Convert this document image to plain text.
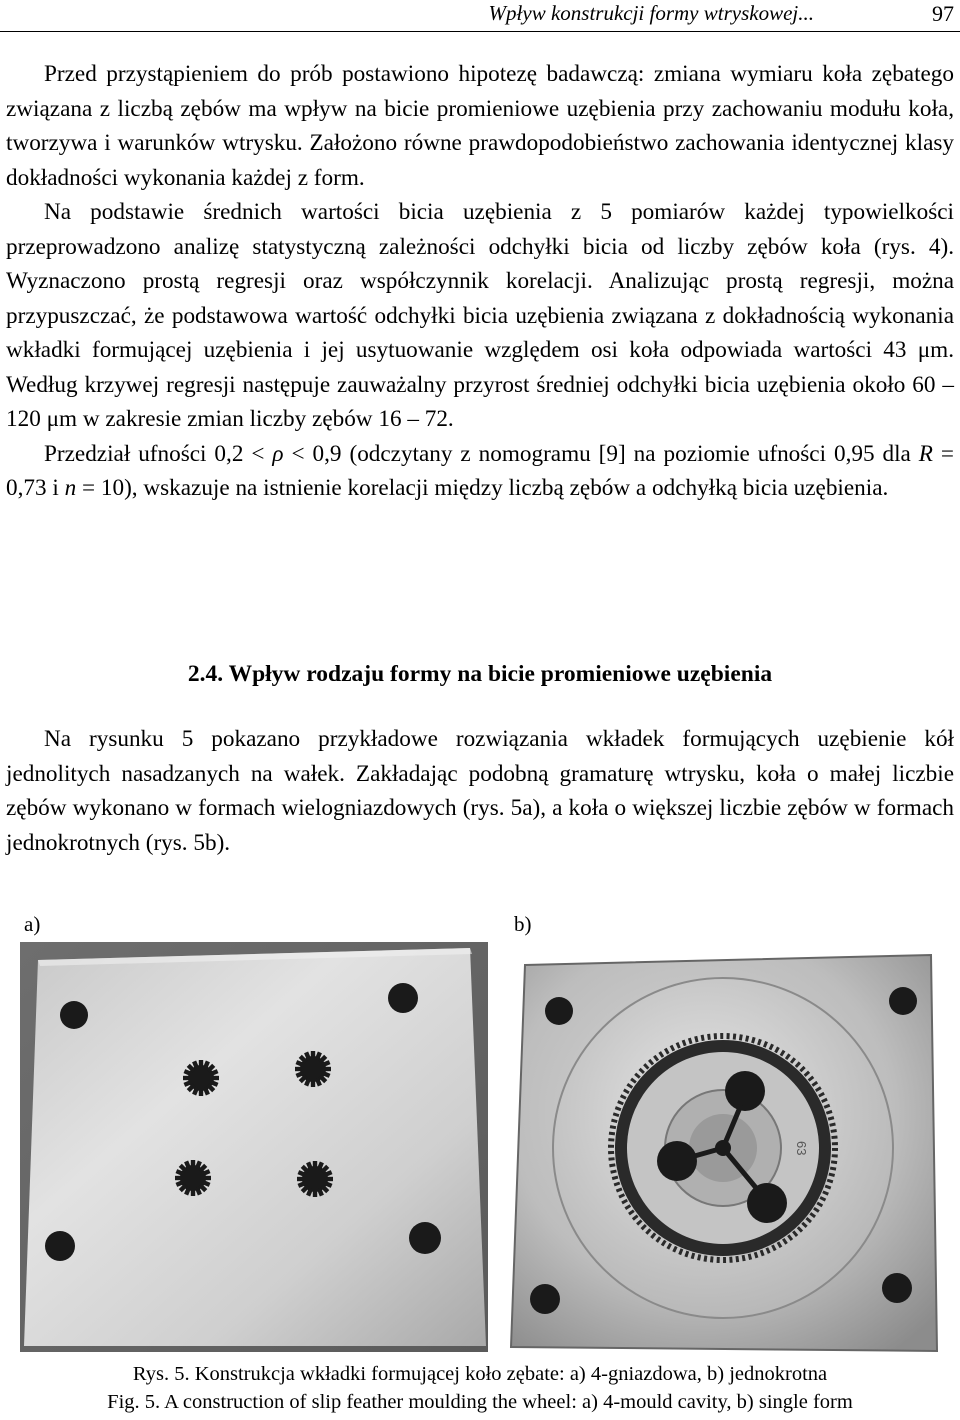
Wpływ konstrukcji formy wtryskowej...	97

Przed przystąpieniem do prób postawiono hipotezę badawczą: zmiana wymiaru koła zębatego związana z liczbą zębów ma wpływ na bicie promieniowe uzębienia przy zachowaniu modułu koła, tworzywa i warunków wtrysku. Założono równe prawdopodobieństwo zachowania identycznej klasy dokładności wykonania każdej z form.

Na podstawie średnich wartości bicia uzębienia z 5 pomiarów każdej typowielkości przeprowadzono analizę statystyczną zależności odchyłki bicia od liczby zębów koła (rys. 4). Wyznaczono prostą regresji oraz współczynnik korelacji. Analizując prostą regresji, można przypuszczać, że podstawowa wartość odchyłki bicia uzębienia związana z dokładnością wykonania wkładki formującej uzębienia i jej usytuowanie względem osi koła odpowiada wartości 43 μm. Według krzywej regresji następuje zauważalny przyrost średniej odchyłki bicia uzębienia około 60 – 120 μm w zakresie zmian liczby zębów 16 – 72.

Przedział ufności 0,2 < ρ < 0,9 (odczytany z nomogramu [9] na poziomie ufności 0,95 dla R = 0,73 i n = 10), wskazuje na istnienie korelacji między liczbą zębów a odchyłką bicia uzębienia.

2.4. Wpływ rodzaju formy na bicie promieniowe uzębienia

Na rysunku 5 pokazano przykładowe rozwiązania wkładek formujących uzębienie kół jednolitych nasadzanych na wałek. Zakładając podobną gramaturę wtrysku, koła o małej liczbie zębów wykonano w formach wielogniazdowych (rys. 5a), a koła o większej liczbie zębów w formach jednokrotnych (rys. 5b).

a)	b)
63
Rys. 5. Konstrukcja wkładki formującej koło zębate: a) 4-gniazdowa, b) jednokrotna
Fig. 5. A construction of slip feather moulding the wheel: a) 4-mould cavity, b) single form
